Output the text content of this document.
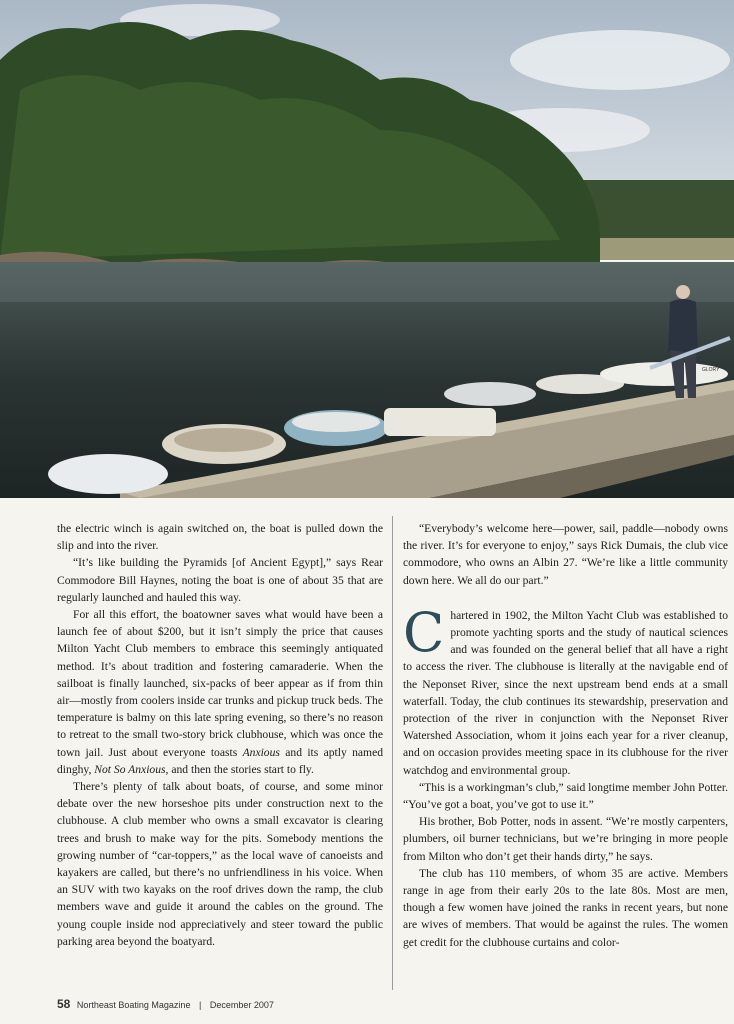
GLORY

the electric winch is again switched on, the boat is pulled down the slip and into the river.

“It’s like building the Pyramids [of Ancient Egypt],” says Rear Commodore Bill Haynes, noting the boat is one of about 35 that are regularly launched and hauled this way.

For all this effort, the boatowner saves what would have been a launch fee of about $200, but it isn’t simply the price that causes Milton Yacht Club members to embrace this seemingly antiquated method. It’s about tradition and fostering camaraderie. When the sailboat is finally launched, six-packs of beer appear as if from thin air—mostly from coolers inside car trunks and pickup truck beds. The temperature is balmy on this late spring evening, so there’s no reason to retreat to the small two-story brick clubhouse, which was once the town jail. Just about everyone toasts Anxious and its aptly named dinghy, Not So Anxious, and then the stories start to fly.

There’s plenty of talk about boats, of course, and some minor debate over the new horseshoe pits under construction next to the clubhouse. A club member who owns a small excavator is clearing trees and brush to make way for the pits. Somebody mentions the growing number of “car-toppers,” as the local wave of canoeists and kayakers are called, but there’s no unfriendliness in his voice. When an SUV with two kayaks on the roof drives down the ramp, the club members wave and guide it around the cables on the ground. The young couple inside nod appreciatively and steer toward the public parking area beyond the boatyard.

“Everybody’s welcome here—power, sail, paddle—nobody owns the river. It’s for everyone to enjoy,” says Rick Dumais, the club vice commodore, who owns an Albin 27. “We’re like a little community down here. We all do our part.”

Chartered in 1902, the Milton Yacht Club was established to promote yachting sports and the study of nautical sciences and was founded on the general belief that all have a right to access the river. The clubhouse is literally at the navigable end of the Neponset River, since the next upstream bend ends at a small waterfall. Today, the club continues its stewardship, preservation and protection of the river in conjunction with the Neponset River Watershed Association, whom it joins each year for a river cleanup, and on occasion provides meeting space in its clubhouse for the river watchdog and environmental group.

“This is a workingman’s club,” said longtime member John Potter. “You’ve got a boat, you’ve got to use it.”

His brother, Bob Potter, nods in assent. “We’re mostly carpenters, plumbers, oil burner technicians, but we’re bringing in more people from Milton who don’t get their hands dirty,” he says.

The club has 110 members, of whom 35 are active. Members range in age from their early 20s to the late 80s. Most are men, though a few women have joined the ranks in recent years, but none are wives of members. That would be against the rules. The women get credit for the clubhouse curtains and color-

58 Northeast Boating Magazine | December 2007
